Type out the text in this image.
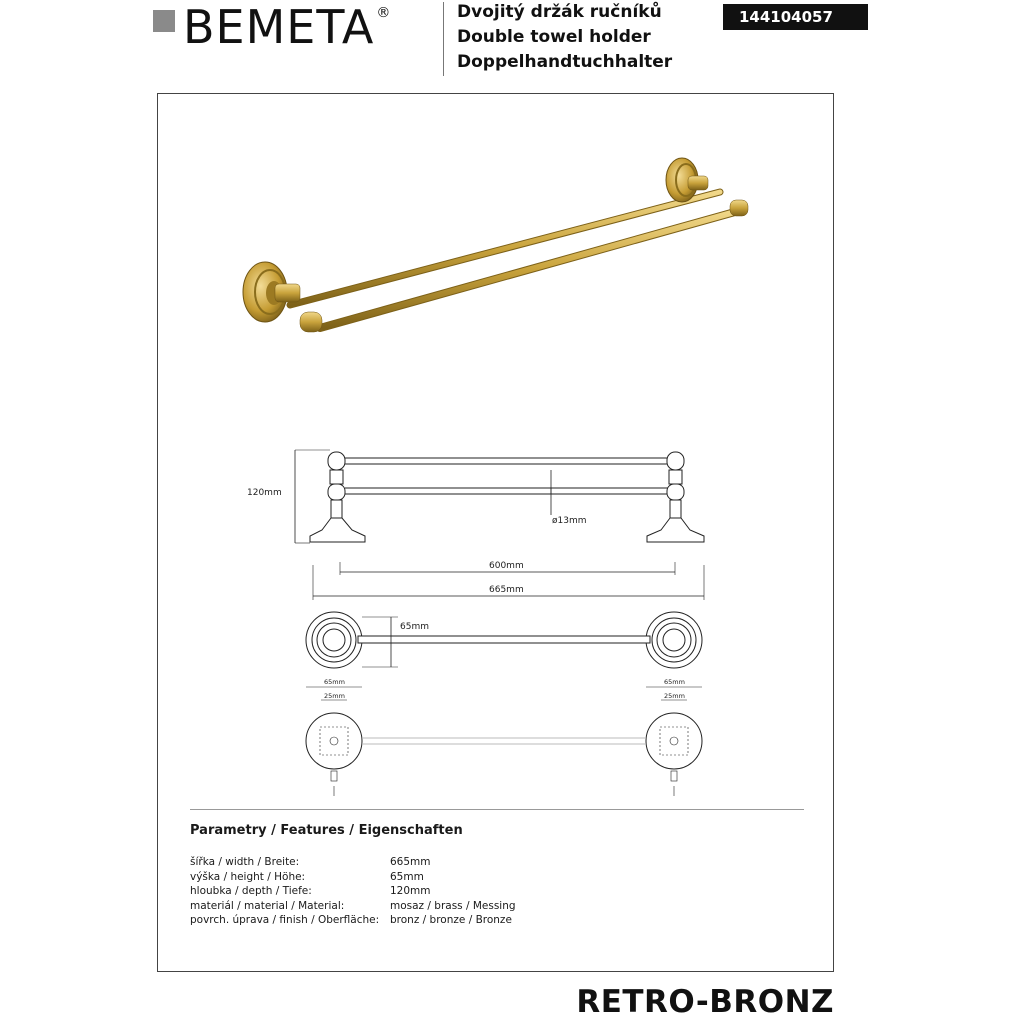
BEMETA ®	Dvojitý držák ručníků
Double towel holder
Doppelhandtuchhalter
144104057
120mm
ø13mm
600mm
665mm
65mm
65mm
25mm
65mm
25mm
Parametry / Features / Eigenschaften
šířka / width / Breite:	665mm
výška / height / Höhe:	65mm
hloubka / depth / Tiefe:	120mm
materiál / material / Material:	mosaz / brass / Messing
povrch. úprava / finish / Oberfläche:	bronz / bronze / Bronze
RETRO-BRONZ
